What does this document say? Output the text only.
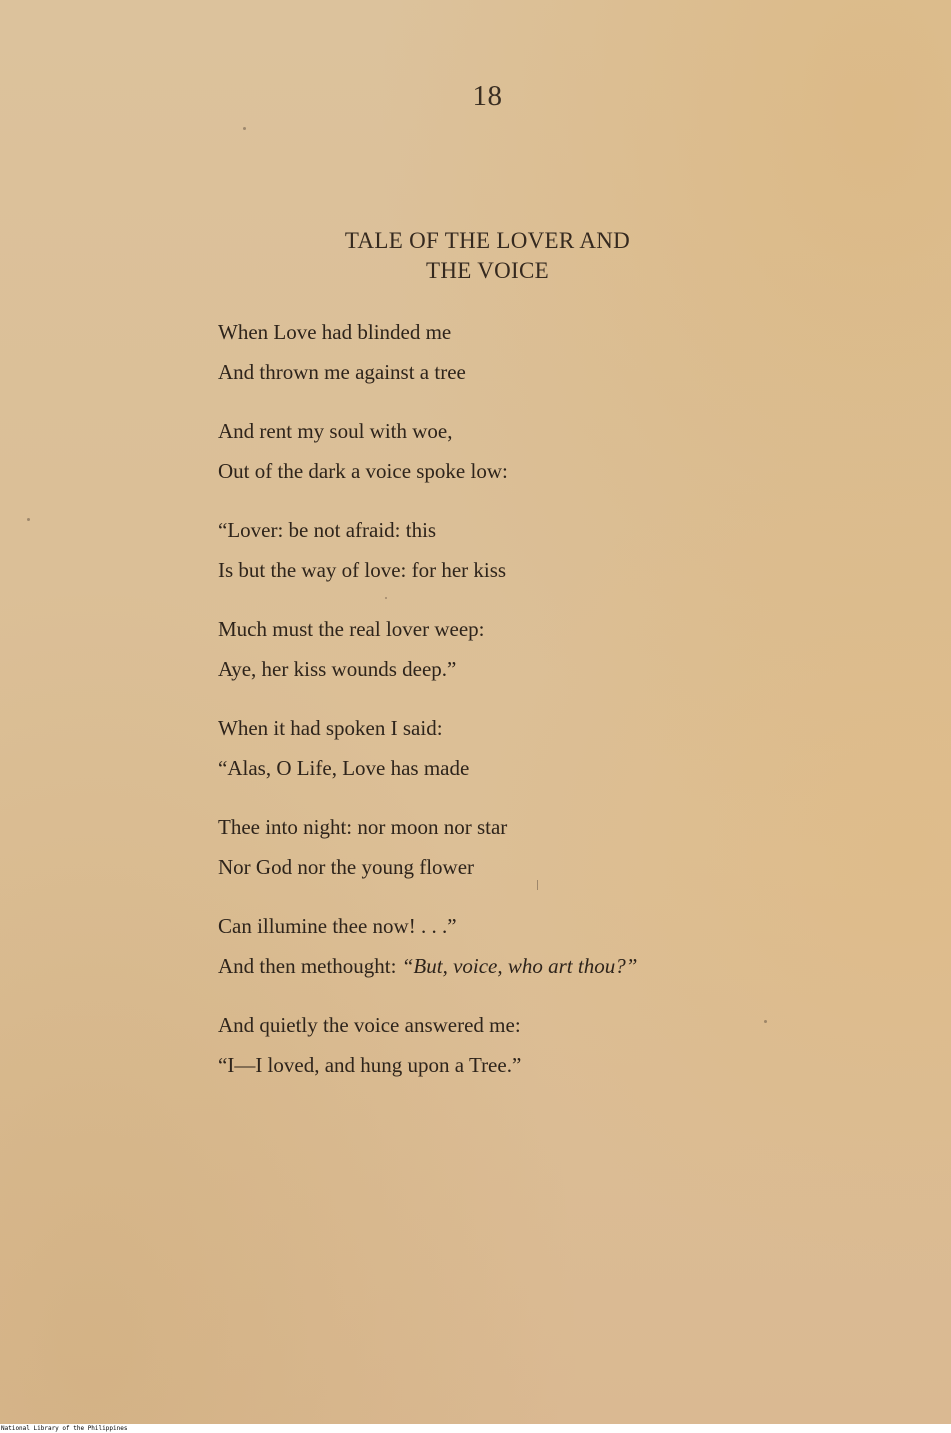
18
TALE OF THE LOVER AND
THE VOICE
When Love had blinded me
And thrown me against a tree
And rent my soul with woe,
Out of the dark a voice spoke low:
“Lover: be not afraid: this
Is but the way of love: for her kiss
Much must the real lover weep:
Aye, her kiss wounds deep.”
When it had spoken I said:
“Alas, O Life, Love has made
Thee into night: nor moon nor star
Nor God nor the young flower
Can illumine thee now! . . .”
And then methought: “But, voice, who art thou?”
And quietly the voice answered me:
“I—I loved, and hung upon a Tree.”
National Library of the Philippines
